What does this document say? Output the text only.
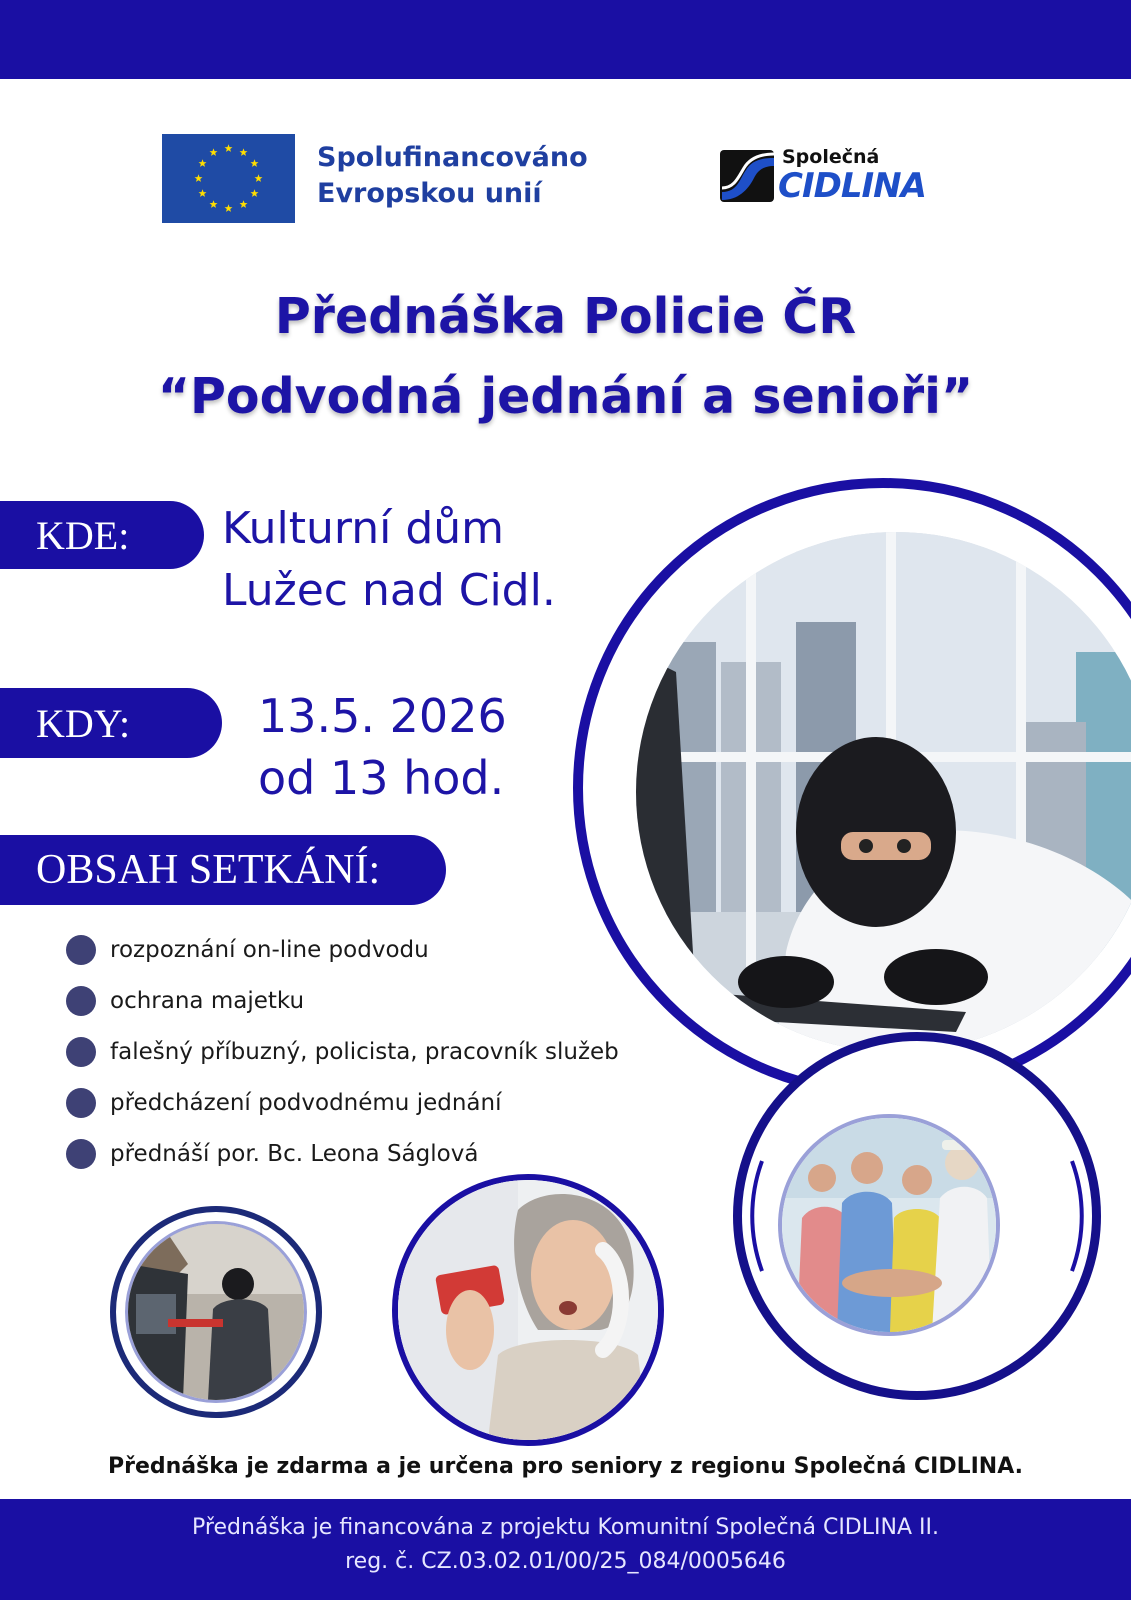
Spolufinancováno
Evropskou unií
Společná
CIDLINA
Přednáška Policie ČR
“Podvodná jednání a senioři”
KDE:	Kulturní dům
Lužec nad Cidl.
KDY:	13.5. 2026
od 13 hod.
OBSAH SETKÁNÍ:
rozpoznání on-line podvodu
ochrana majetku
falešný příbuzný, policista, pracovník služeb
předcházení podvodnému jednání
přednáší por. Bc. Leona Ságlová
Přednáška je zdarma a je určena pro seniory z regionu Společná CIDLINA.
Přednáška je financována z projektu Komunitní Společná CIDLINA II.
reg. č. CZ.03.02.01/00/25_084/0005646
